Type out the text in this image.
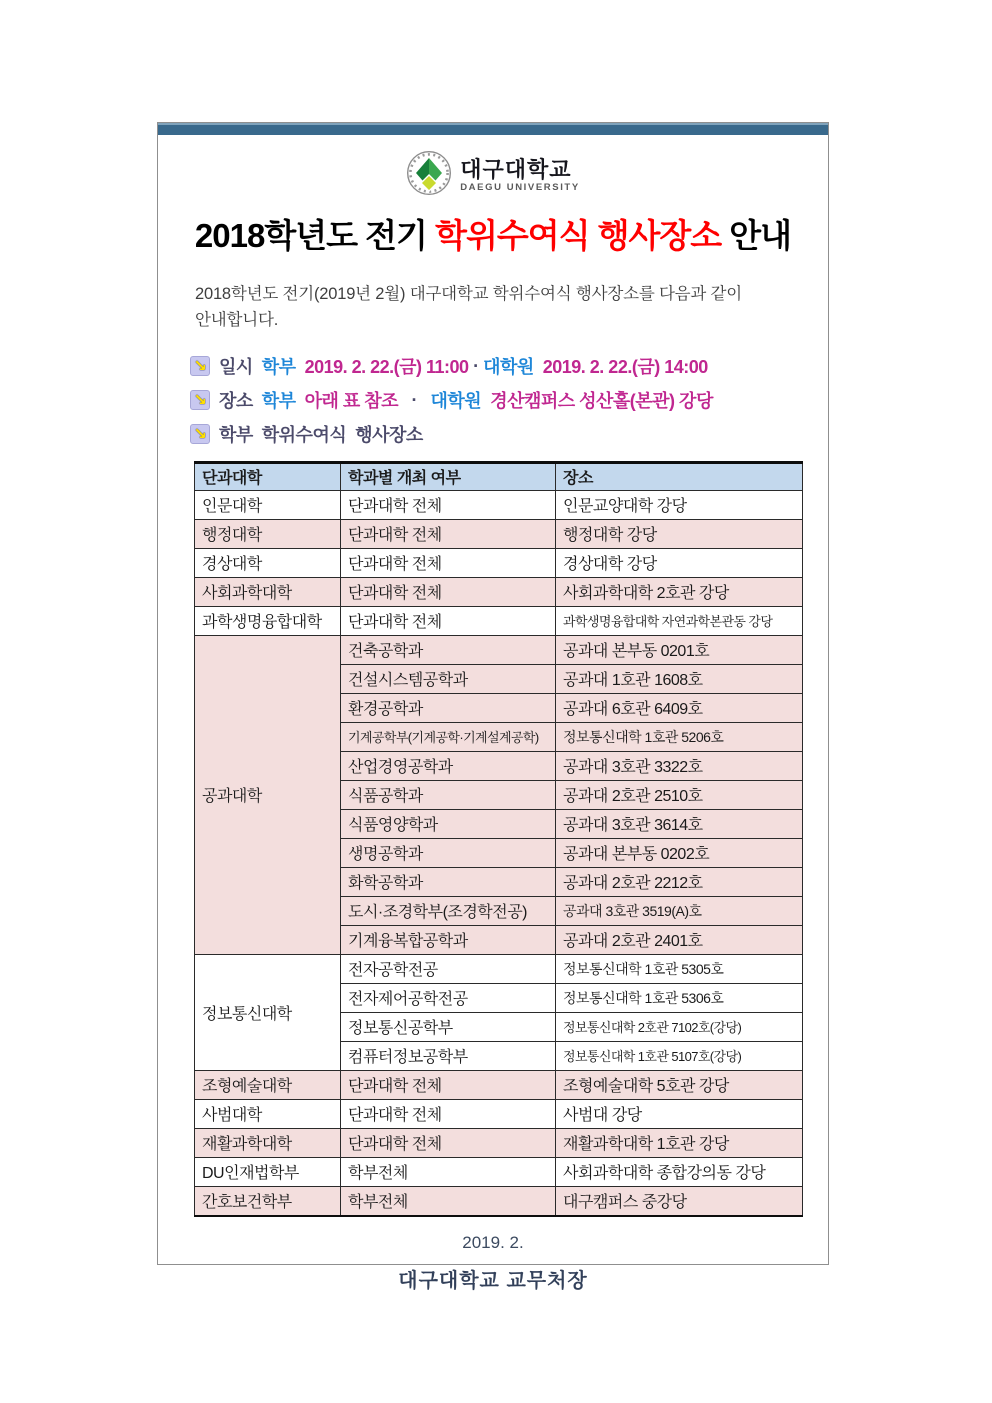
대구대학교
DAEGU UNIVERSITY
2018학년도 전기 학위수여식 행사장소 안내
2018학년도 전기(2019년 2월) 대구대학교 학위수여식 행사장소를 다음과 같이
안내합니다.
↘ 일시 학부 2019. 2. 22.(금) 11:00 · 대학원 2019. 2. 22.(금) 14:00
↘ 장소 학부 아래 표 참조 · 대학원 경산캠퍼스 성산홀(본관) 강당
↘ 학부  학위수여식  행사장소
단과대학	학과별 개최 여부	장소
인문대학	단과대학 전체	인문교양대학 강당
행정대학	단과대학 전체	행정대학 강당
경상대학	단과대학 전체	경상대학 강당
사회과학대학	단과대학 전체	사회과학대학 2호관 강당
과학생명융합대학	단과대학 전체	과학생명융합대학 자연과학본관동 강당
공과대학	건축공학과	공과대 본부동 0201호
	건설시스템공학과	공과대 1호관 1608호
	환경공학과	공과대 6호관 6409호
	기계공학부(기계공학·기계설계공학)	정보통신대학 1호관 5206호
	산업경영공학과	공과대 3호관 3322호
	식품공학과	공과대 2호관 2510호
	식품영양학과	공과대 3호관 3614호
	생명공학과	공과대 본부동 0202호
	화학공학과	공과대 2호관 2212호
	도시·조경학부(조경학전공)	공과대 3호관 3519(A)호
	기계융복합공학과	공과대 2호관 2401호
정보통신대학	전자공학전공	정보통신대학 1호관 5305호
	전자제어공학전공	정보통신대학 1호관 5306호
	정보통신공학부	정보통신대학 2호관 7102호(강당)
	컴퓨터정보공학부	정보통신대학 1호관 5107호(강당)
조형예술대학	단과대학 전체	조형예술대학 5호관 강당
사범대학	단과대학 전체	사범대 강당
재활과학대학	단과대학 전체	재활과학대학 1호관 강당
DU인재법학부	학부전체	사회과학대학 종합강의동 강당
간호보건학부	학부전체	대구캠퍼스 중강당
2019. 2.
대구대학교 교무처장
